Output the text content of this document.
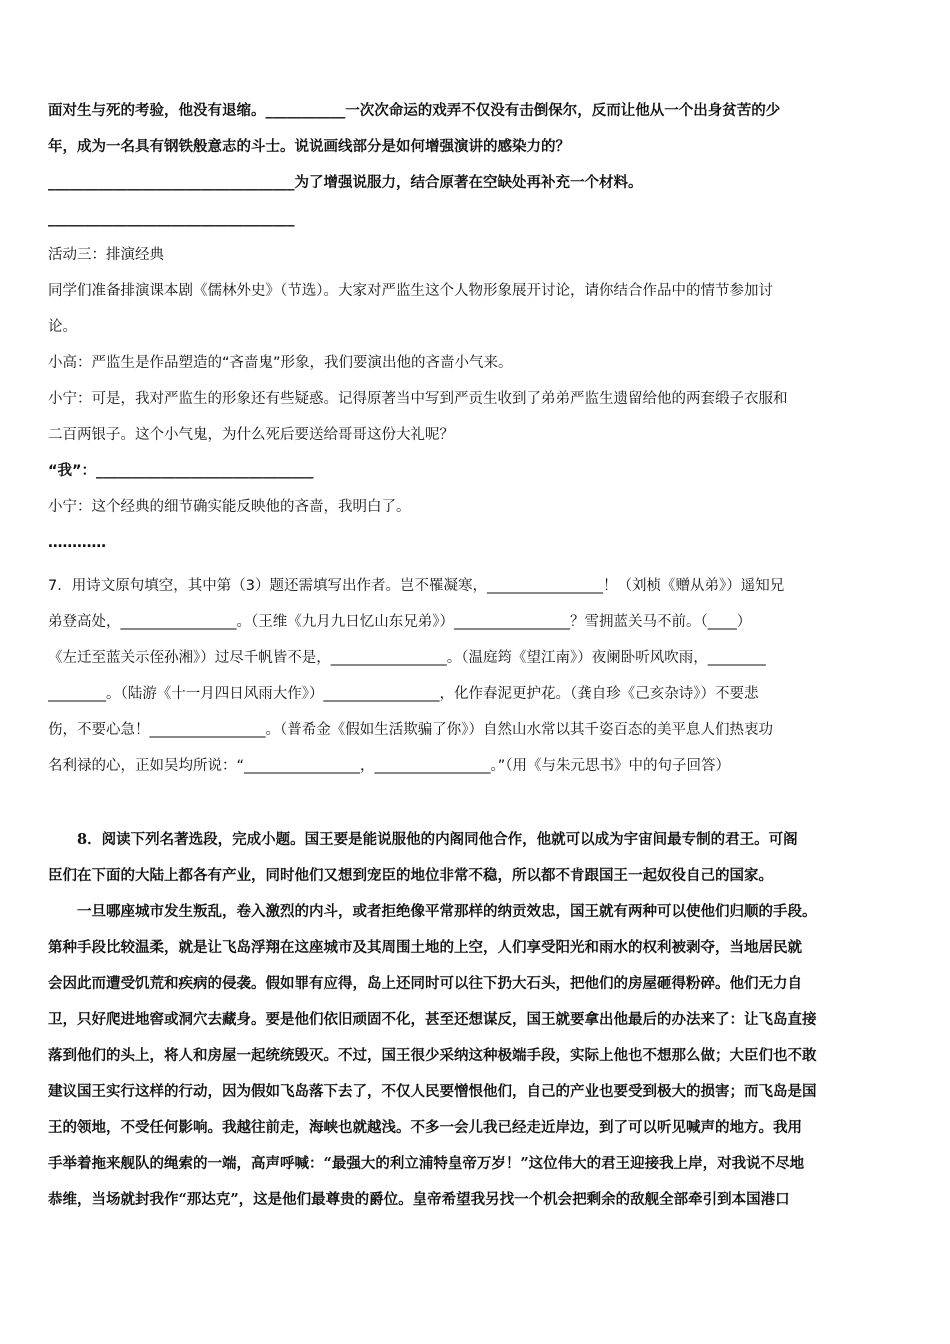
面对生与死的考验，他没有退缩。___________一次次命运的戏弄不仅没有击倒保尔，反而让他从一个出身贫苦的少
年，成为一名具有钢铁般意志的斗士。说说画线部分是如何增强演讲的感染力的？
__________________________________为了增强说服力，结合原著在空缺处再补充一个材料。
__________________________________
活动三：排演经典
同学们准备排演课本剧《儒林外史》（节选）。大家对严监生这个人物形象展开讨论，请你结合作品中的情节参加讨
论。
小高：严监生是作品塑造的“吝啬鬼”形象，我们要演出他的吝啬小气来。
小宁：可是，我对严监生的形象还有些疑惑。记得原著当中写到严贡生收到了弟弟严监生遗留给他的两套缎子衣服和
二百两银子。这个小气鬼，为什么死后要送给哥哥这份大礼呢？
“我”：______________________________
小宁：这个经典的细节确实能反映他的吝啬，我明白了。
…………
7．用诗文原句填空，其中第（3）题还需填写出作者。岂不罹凝寒，________________！（刘桢《赠从弟》）遥知兄
弟登高处，________________。（王维《九月九日忆山东兄弟》）________________？雪拥蓝关马不前。（____）
《左迁至蓝关示侄孙湘》）过尽千帆皆不是，________________。（温庭筠《望江南》）夜阑卧听风吹雨，________
________。（陆游《十一月四日风雨大作》）________________，化作春泥更护花。（龚自珍《己亥杂诗》）不要悲
伤，不要心急！________________。（普希金《假如生活欺骗了你》）自然山水常以其千姿百态的美平息人们热衷功
名利禄的心，正如吴均所说：“________________，________________。”（用《与朱元思书》中的句子回答）
8．阅读下列名著选段，完成小题。国王要是能说服他的内阁同他合作，他就可以成为宇宙间最专制的君王。可阁
臣们在下面的大陆上都各有产业，同时他们又想到宠臣的地位非常不稳，所以都不肯跟国王一起奴役自己的国家。
一旦哪座城市发生叛乱，卷入激烈的内斗，或者拒绝像平常那样的纳贡效忠，国王就有两种可以使他们归顺的手段。
第种手段比较温柔，就是让飞岛浮翔在这座城市及其周围土地的上空，人们享受阳光和雨水的权利被剥夺，当地居民就
会因此而遭受饥荒和疾病的侵袭。假如罪有应得，岛上还同时可以往下扔大石头，把他们的房屋砸得粉碎。他们无力自
卫，只好爬进地窖或洞穴去藏身。要是他们依旧顽固不化，甚至还想谋反，国王就要拿出他最后的办法来了：让飞岛直接
落到他们的头上，将人和房屋一起统统毁灭。不过，国王很少采纳这种极端手段，实际上他也不想那么做；大臣们也不敢
建议国王实行这样的行动，因为假如飞岛落下去了，不仅人民要憎恨他们，自己的产业也要受到极大的损害；而飞岛是国
王的领地，不受任何影响。我越往前走，海峡也就越浅。不多一会儿我已经走近岸边，到了可以听见喊声的地方。我用
手举着拖来舰队的绳索的一端，高声呼喊：“最强大的利立浦特皇帝万岁！”这位伟大的君王迎接我上岸，对我说不尽地
恭维，当场就封我作“那达克”，这是他们最尊贵的爵位。皇帝希望我另找一个机会把剩余的敌舰全部牵引到本国港口
